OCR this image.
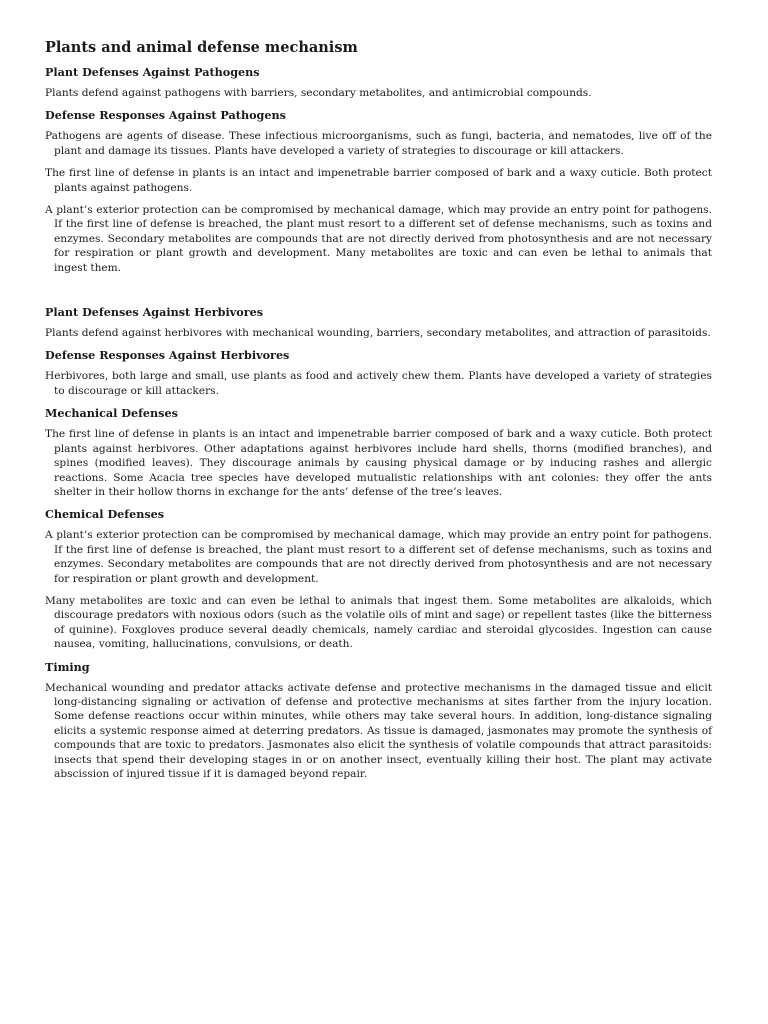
Plants and animal defense mechanism
Plant Defenses Against Pathogens

Plants defend against pathogens with barriers, secondary metabolites, and antimicrobial compounds.

Defense Responses Against Pathogens

Pathogens are agents of disease. These infectious microorganisms, such as fungi, bacteria, and nematodes, live off of the plant and damage its tissues. Plants have developed a variety of strategies to discourage or kill attackers.

The first line of defense in plants is an intact and impenetrable barrier composed of bark and a waxy cuticle. Both protect plants against pathogens.

A plant’s exterior protection can be compromised by mechanical damage, which may provide an entry point for pathogens. If the first line of defense is breached, the plant must resort to a different set of defense mechanisms, such as toxins and enzymes. Secondary metabolites are compounds that are not directly derived from photosynthesis and are not necessary for respiration or plant growth and development. Many metabolites are toxic and can even be lethal to animals that ingest them.

Plant Defenses Against Herbivores

Plants defend against herbivores with mechanical wounding, barriers, secondary metabolites, and attraction of parasitoids.

Defense Responses Against Herbivores

Herbivores, both large and small, use plants as food and actively chew them. Plants have developed a variety of strategies to discourage or kill attackers.

Mechanical Defenses

The first line of defense in plants is an intact and impenetrable barrier composed of bark and a waxy cuticle. Both protect plants against herbivores. Other adaptations against herbivores include hard shells, thorns (modified branches), and spines (modified leaves). They discourage animals by causing physical damage or by inducing rashes and allergic reactions. Some Acacia tree species have developed mutualistic relationships with ant colonies: they offer the ants shelter in their hollow thorns in exchange for the ants’ defense of the tree’s leaves.

Chemical Defenses

A plant’s exterior protection can be compromised by mechanical damage, which may provide an entry point for pathogens. If the first line of defense is breached, the plant must resort to a different set of defense mechanisms, such as toxins and enzymes. Secondary metabolites are compounds that are not directly derived from photosynthesis and are not necessary for respiration or plant growth and development.

Many metabolites are toxic and can even be lethal to animals that ingest them. Some metabolites are alkaloids, which discourage predators with noxious odors (such as the volatile oils of mint and sage) or repellent tastes (like the bitterness of quinine). Foxgloves produce several deadly chemicals, namely cardiac and steroidal glycosides. Ingestion can cause nausea, vomiting, hallucinations, convulsions, or death.

Timing

Mechanical wounding and predator attacks activate defense and protective mechanisms in the damaged tissue and elicit long-distancing signaling or activation of defense and protective mechanisms at sites farther from the injury location. Some defense reactions occur within minutes, while others may take several hours. In addition, long-distance signaling elicits a systemic response aimed at deterring predators. As tissue is damaged, jasmonates may promote the synthesis of compounds that are toxic to predators. Jasmonates also elicit the synthesis of volatile compounds that attract parasitoids: insects that spend their developing stages in or on another insect, eventually killing their host. The plant may activate abscission of injured tissue if it is damaged beyond repair.
